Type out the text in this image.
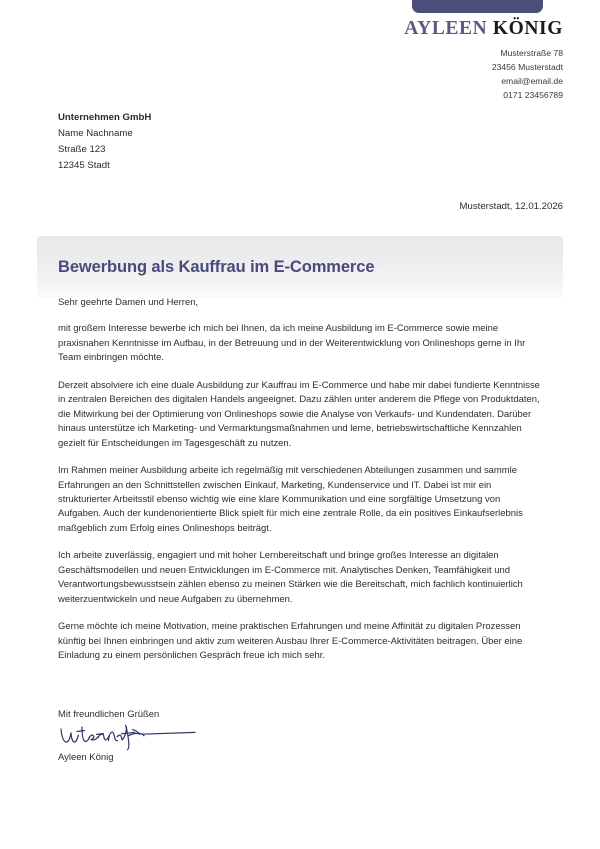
AYLEEN KÖNIG
Musterstraße 78
23456 Musterstadt
email@email.de
0171 23456789
Unternehmen GmbH
Name Nachname
Straße 123
12345 Stadt
Musterstadt, 12.01.2026
Bewerbung als Kauffrau im E-Commerce

Sehr geehrte Damen und Herren,

mit großem Interesse bewerbe ich mich bei Ihnen, da ich meine Ausbildung im E-Commerce sowie meine praxisnahen Kenntnisse im Aufbau, in der Betreuung und in der Weiterentwicklung von Onlineshops gerne in Ihr Team einbringen möchte.

Derzeit absolviere ich eine duale Ausbildung zur Kauffrau im E-Commerce und habe mir dabei fundierte Kenntnisse in zentralen Bereichen des digitalen Handels angeeignet. Dazu zählen unter anderem die Pflege von Produktdaten, die Mitwirkung bei der Optimierung von Onlineshops sowie die Analyse von Verkaufs- und Kundendaten. Darüber hinaus unterstütze ich Marketing- und Vermarktungsmaßnahmen und lerne, betriebswirtschaftliche Kennzahlen gezielt für Entscheidungen im Tagesgeschäft zu nutzen.

Im Rahmen meiner Ausbildung arbeite ich regelmäßig mit verschiedenen Abteilungen zusammen und sammle Erfahrungen an den Schnittstellen zwischen Einkauf, Marketing, Kundenservice und IT. Dabei ist mir ein strukturierter Arbeitsstil ebenso wichtig wie eine klare Kommunikation und eine sorgfältige Umsetzung von Aufgaben. Auch der kundenorientierte Blick spielt für mich eine zentrale Rolle, da ein positives Einkaufserlebnis maßgeblich zum Erfolg eines Onlineshops beiträgt.

Ich arbeite zuverlässig, engagiert und mit hoher Lernbereitschaft und bringe großes Interesse an digitalen Geschäftsmodellen und neuen Entwicklungen im E-Commerce mit. Analytisches Denken, Teamfähigkeit und Verantwortungsbewusstsein zählen ebenso zu meinen Stärken wie die Bereitschaft, mich fachlich kontinuierlich weiterzuentwickeln und neue Aufgaben zu übernehmen.

Gerne möchte ich meine Motivation, meine praktischen Erfahrungen und meine Affinität zu digitalen Prozessen künftig bei Ihnen einbringen und aktiv zum weiteren Ausbau Ihrer E-Commerce-Aktivitäten beitragen. Über eine Einladung zu einem persönlichen Gespräch freue ich mich sehr.

Mit freundlichen Grüßen

Ayleen König
